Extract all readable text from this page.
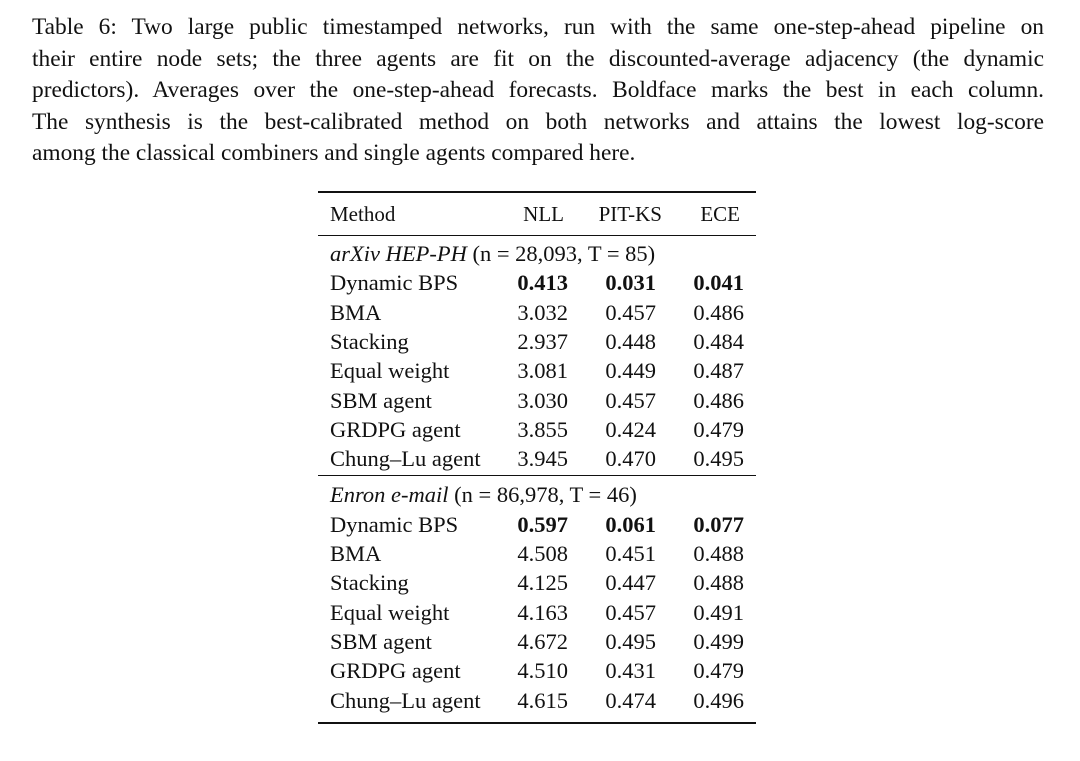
Table 6: Two large public timestamped networks, run with the same one-step-ahead pipeline on
their entire node sets; the three agents are fit on the discounted-average adjacency (the dynamic
predictors). Averages over the one-step-ahead forecasts. Boldface marks the best in each column.
The synthesis is the best-calibrated method on both networks and attains the lowest log-score
among the classical combiners and single agents compared here.

Method	NLL PIT-KS ECE
arXiv HEP-PH (n = 28,093, T = 85)
Dynamic BPS	0.413 0.031 0.041
BMA	3.032 0.457 0.486
Stacking	2.937 0.448 0.484
Equal weight	3.081 0.449 0.487
SBM agent	3.030 0.457 0.486
GRDPG agent	3.855 0.424 0.479
Chung–Lu agent 3.945 0.470 0.495
Enron e-mail (n = 86,978, T = 46)
Dynamic BPS	0.597 0.061 0.077
BMA	4.508 0.451 0.488
Stacking	4.125 0.447 0.488
Equal weight	4.163 0.457 0.491
SBM agent	4.672 0.495 0.499
GRDPG agent	4.510 0.431 0.479
Chung–Lu agent 4.615 0.474 0.496
